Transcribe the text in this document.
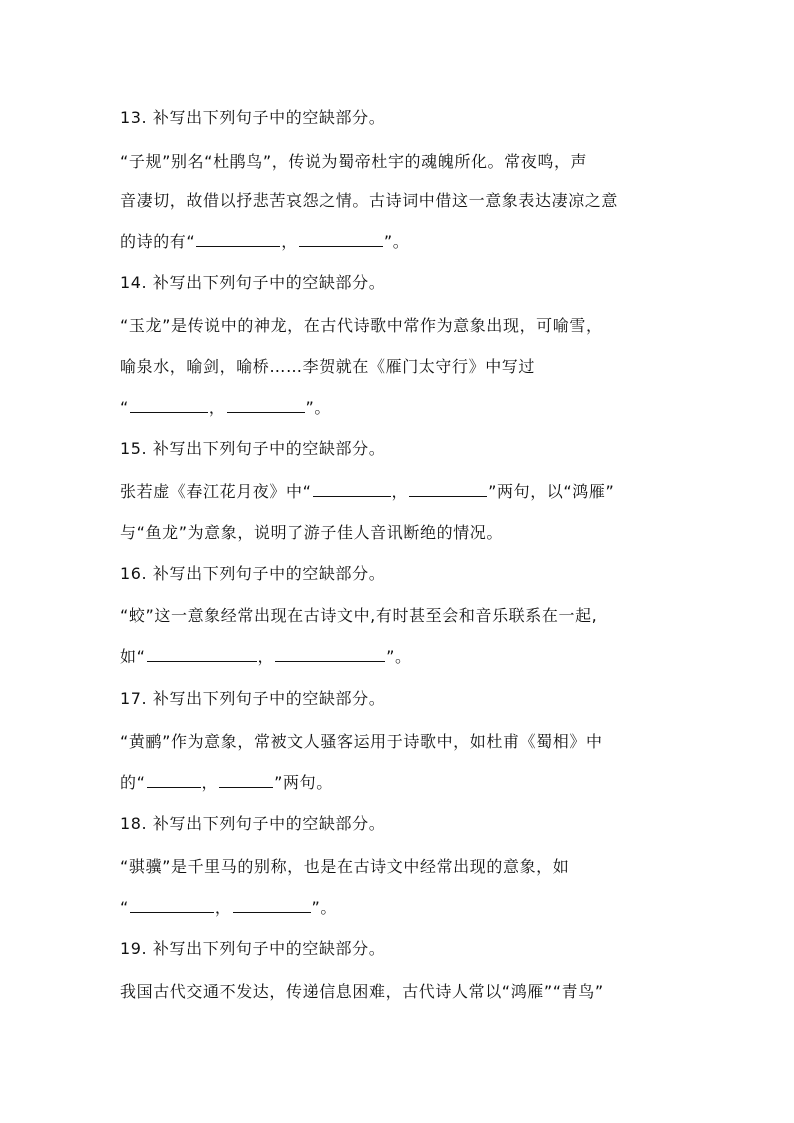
13. 补写出下列句子中的空缺部分。
“子规”别名“杜鹃鸟”，传说为蜀帝杜宇的魂魄所化。常夜鸣，声
音凄切，故借以抒悲苦哀怨之情。古诗词中借这一意象表达凄凉之意
的诗的有“	，	”。
14. 补写出下列句子中的空缺部分。
“玉龙”是传说中的神龙，在古代诗歌中常作为意象出现，可喻雪，
喻泉水，喻剑，喻桥……李贺就在《雁门太守行》中写过
“	，	”。
15. 补写出下列句子中的空缺部分。
张若虚《春江花月夜》中“	，	”两句，以“鸿雁”
与“鱼龙”为意象，说明了游子佳人音讯断绝的情况。
16. 补写出下列句子中的空缺部分。
“蛟”这一意象经常出现在古诗文中,有时甚至会和音乐联系在一起,
如“	，	”。
17. 补写出下列句子中的空缺部分。
“黄鹂”作为意象，常被文人骚客运用于诗歌中，如杜甫《蜀相》中
的“	，	”两句。
18. 补写出下列句子中的空缺部分。
“骐骥”是千里马的别称，也是在古诗文中经常出现的意象，如
“	，	”。
19. 补写出下列句子中的空缺部分。
我国古代交通不发达，传递信息困难，古代诗人常以“鸿雁”“青鸟”
